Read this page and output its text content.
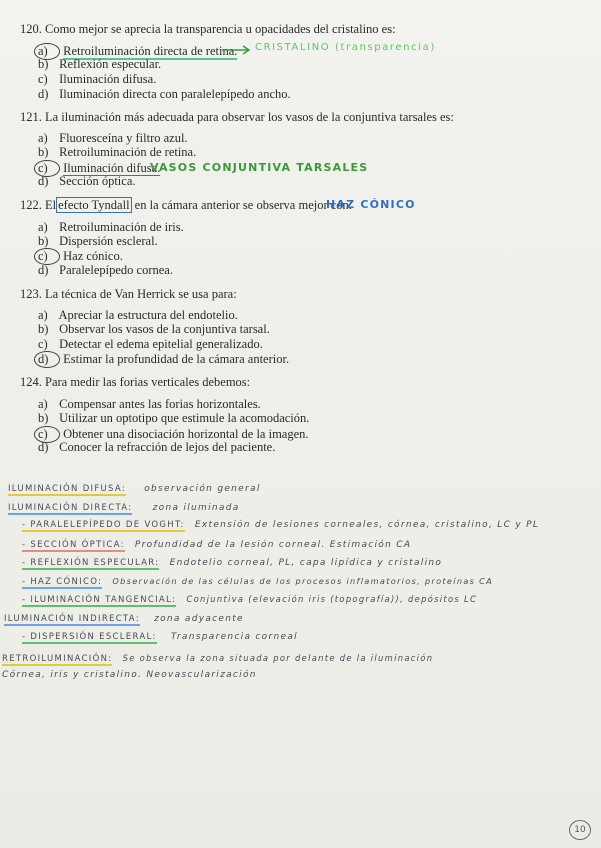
120. Como mejor se aprecia la transparencia u opacidades del cristalino es:
a) Retroiluminación directa de retina. CRISTALINO (transparencia)
b) Reflexión especular.
c) Iluminación difusa.
d) Iluminación directa con paralelepípedo ancho.
121. La iluminación más adecuada para observar los vasos de la conjuntiva tarsales es:
a) Fluoresceína y filtro azul.
b) Retroiluminación de retina.
c) Iluminación difusa.
VASOS CONJUNTIVA TARSALES
d) Sección óptica.
122. El efecto Tyndall en la cámara anterior se observa mejor con:
HAZ CÓNICO
a) Retroiluminación de iris.
b) Dispersión escleral.
c) Haz cónico.
d) Paralelepípedo cornea.
123. La técnica de Van Herrick se usa para:
a) Apreciar la estructura del endotelio.
b) Observar los vasos de la conjuntiva tarsal.
c) Detectar el edema epitelial generalizado.
d) Estimar la profundidad de la cámara anterior.
124. Para medir las forias verticales debemos:
a) Compensar antes las forias horizontales.
b) Utilizar un optotipo que estimule la acomodación.
c) Obtener una disociación horizontal de la imagen.
d) Conocer la refracción de lejos del paciente.
ILUMINACIÓN DIFUSA: observación general
ILUMINACIÓN DIRECTA: zona iluminada
- PARALELEPÍPEDO DE VOGHT: Extensión de lesiones corneales, córnea, cristalino, LC y PL
- SECCIÓN ÓPTICA: Profundidad de la lesión corneal. Estimación CA
- REFLEXIÓN ESPECULAR: Endotelio corneal, PL, capa lipídica y cristalino
- HAZ CÓNICO: Observación de las células de los procesos inflamatorios, proteínas CA
- ILUMINACIÓN TANGENCIAL: Conjuntiva (elevación iris (topografía)), depósitos LC
ILUMINACIÓN INDIRECTA: zona adyacente
- DISPERSIÓN ESCLERAL: Transparencia corneal
RETROILUMINACIÓN: Se observa la zona situada por delante de la iluminación
Córnea, iris y cristalino. Neovascularización
10
